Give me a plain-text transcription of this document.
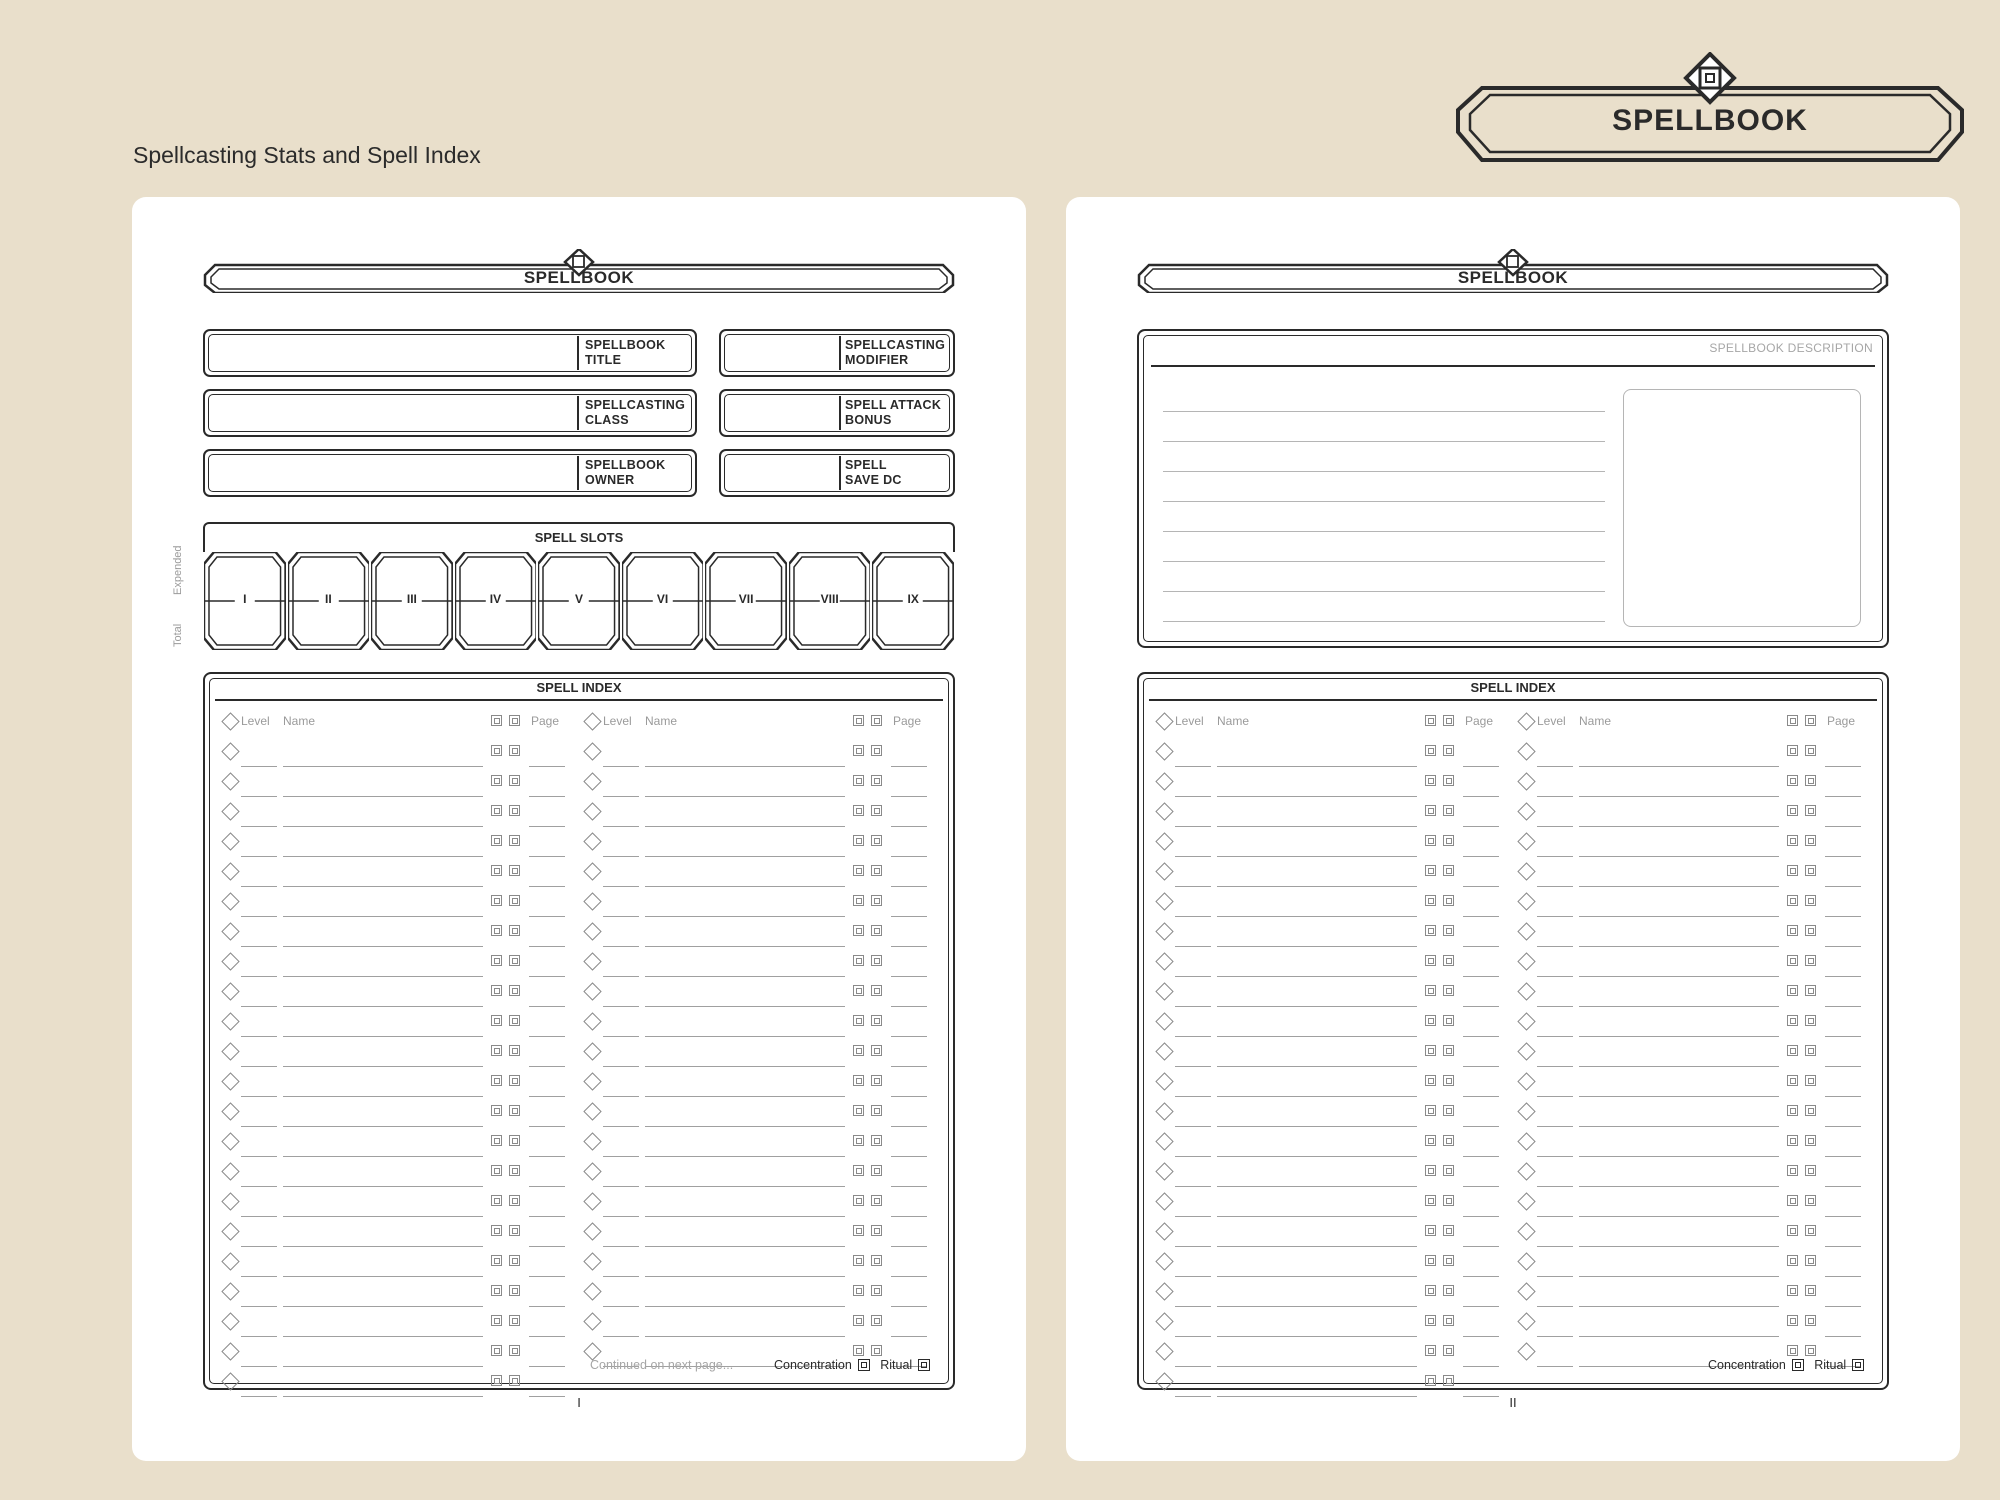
Spellcasting Stats and Spell Index
SPELLBOOK
SPELLBOOK
SPELLBOOK
TITLE
SPELLCASTING
CLASS
SPELLBOOK
OWNER
SPELLCASTING
MODIFIER
SPELL ATTACK
BONUS
SPELL
SAVE DC
Expended
Total
SPELL SLOTS
I	II	III	IV	V	VI	VII	VIII	IX
SPELL INDEX
Level Name	Page	Level Name	Page
Continued on next page...	Concentration Ritual
I
SPELLBOOK
SPELLBOOK DESCRIPTION
SPELL INDEX
Level Name	Page	Level Name	Page
Concentration Ritual
II
